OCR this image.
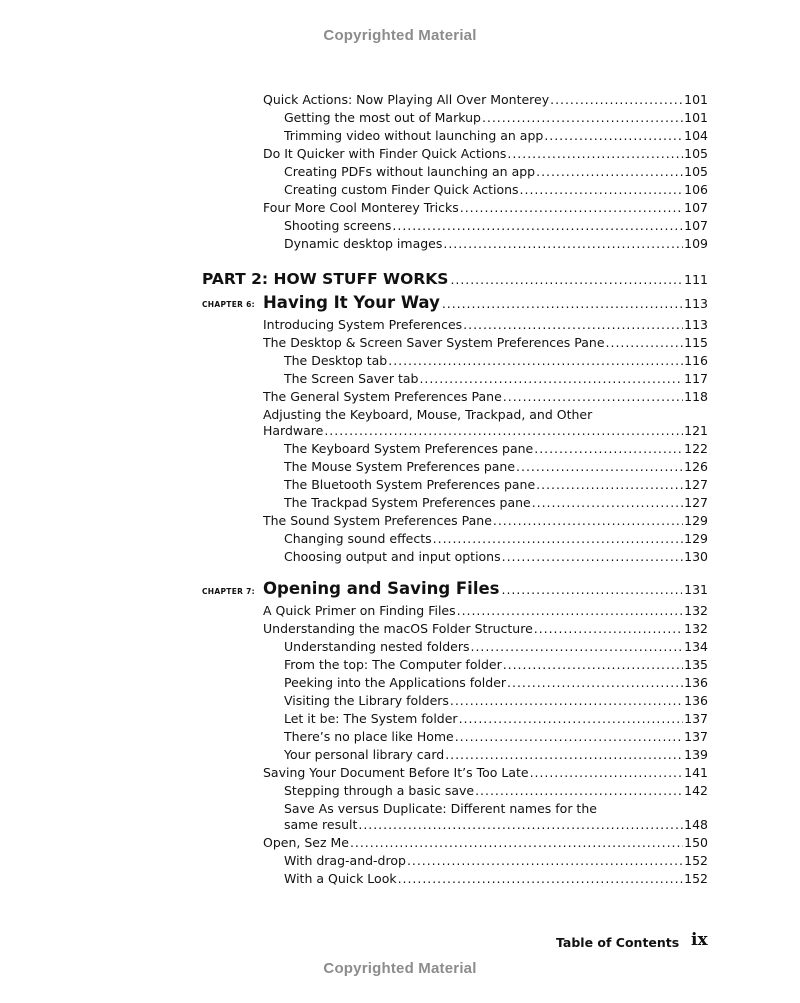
Copyrighted Material
Quick Actions: Now Playing All Over Monterey . . .	101
Getting the most out of Markup . . .	101
Trimming video without launching an app . . .	104
Do It Quicker with Finder Quick Actions . . .	105
Creating PDFs without launching an app . . .	105
Creating custom Finder Quick Actions . . .	106
Four More Cool Monterey Tricks . . .	107
Shooting screens . . .	107
Dynamic desktop images . . .	109
PART 2: HOW STUFF WORKS . . .	111
CHAPTER 6: Having It Your Way . . .	113
Introducing System Preferences . . .	113
The Desktop & Screen Saver System Preferences Pane . . .	115
The Desktop tab . . .	116
The Screen Saver tab . . .	117
The General System Preferences Pane . . .	118
Adjusting the Keyboard, Mouse, Trackpad, and Other
Hardware . . .	121
The Keyboard System Preferences pane . . .	122
The Mouse System Preferences pane . . .	126
The Bluetooth System Preferences pane . . .	127
The Trackpad System Preferences pane . . .	127
The Sound System Preferences Pane . . .	129
Changing sound effects . . .	129
Choosing output and input options . . .	130
CHAPTER 7: Opening and Saving Files . . .	131
A Quick Primer on Finding Files . . .	132
Understanding the macOS Folder Structure . . .	132
Understanding nested folders . . .	134
From the top: The Computer folder . . .	135
Peeking into the Applications folder . . .	136
Visiting the Library folders . . .	136
Let it be: The System folder . . .	137
There’s no place like Home . . .	137
Your personal library card . . .	139
Saving Your Document Before It’s Too Late . . .	141
Stepping through a basic save . . .	142
Save As versus Duplicate: Different names for the
same result . . .	148
Open, Sez Me . . .	150
With drag-and-drop . . .	152
With a Quick Look . . .	152
Table of Contents ix
Copyrighted Material
